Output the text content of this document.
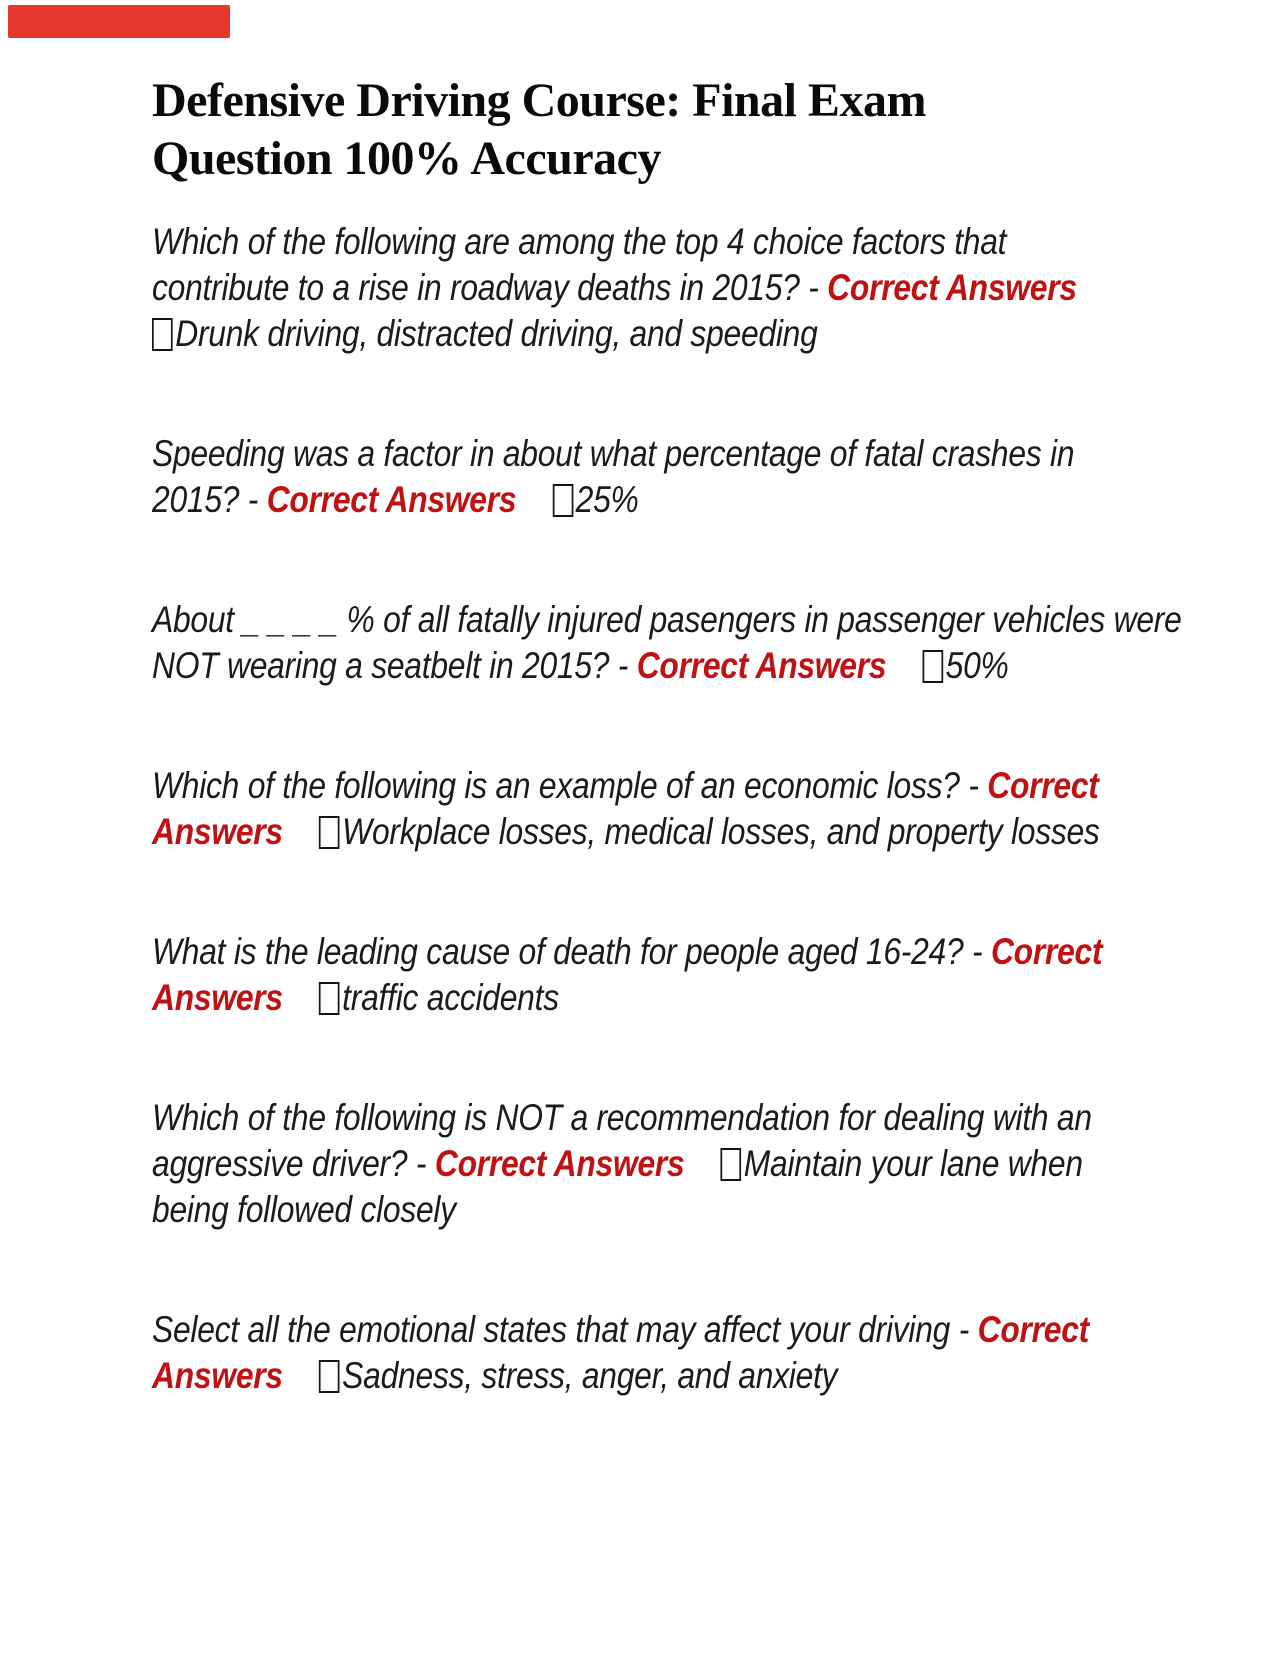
Defensive Driving Course: Final Exam
Question 100% Accuracy
Which of the following are among the top 4 choice factors that
contribute to a rise in roadway deaths in 2015? - Correct Answers
Drunk driving, distracted driving, and speeding
Speeding was a factor in about what percentage of fatal crashes in
2015? - Correct Answers 25%
About _ _ _ _ % of all fatally injured pasengers in passenger vehicles were
NOT wearing a seatbelt in 2015? - Correct Answers 50%
Which of the following is an example of an economic loss? - Correct
Answers Workplace losses, medical losses, and property losses
What is the leading cause of death for people aged 16-24? - Correct
Answers traffic accidents
Which of the following is NOT a recommendation for dealing with an
aggressive driver? - Correct Answers Maintain your lane when
being followed closely
Select all the emotional states that may affect your driving - Correct
Answers Sadness, stress, anger, and anxiety
